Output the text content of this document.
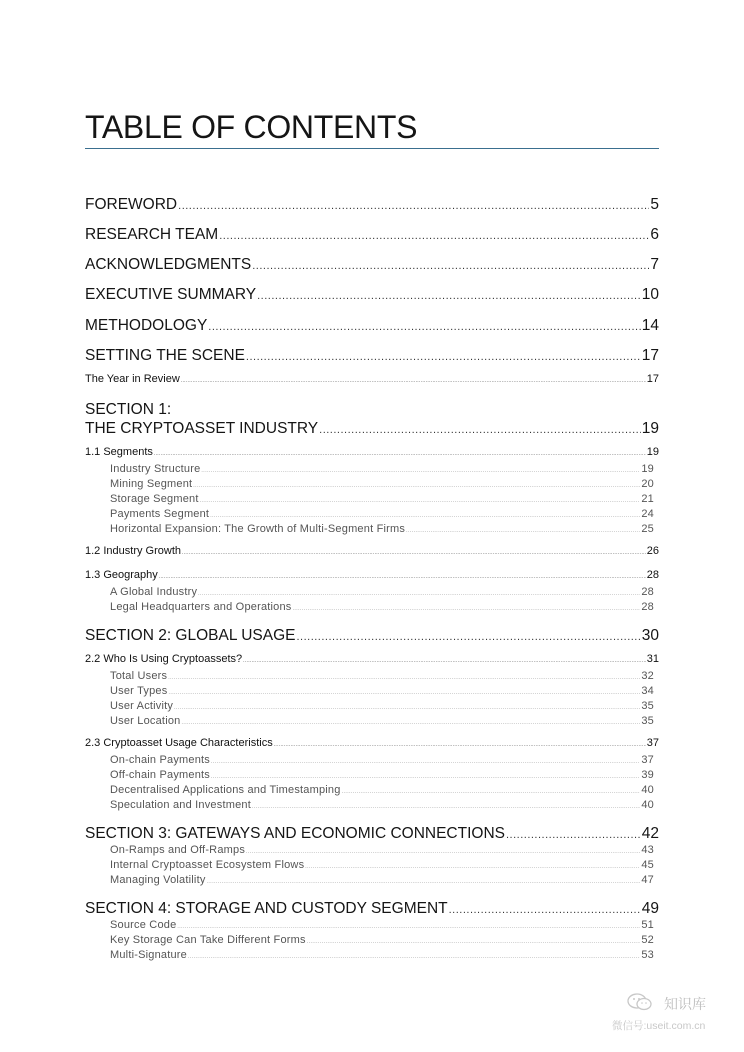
TABLE OF CONTENTS
FOREWORD .....	5
RESEARCH TEAM .....	6
ACKNOWLEDGMENTS .....	7
EXECUTIVE SUMMARY .....	10
METHODOLOGY .....	14
SETTING THE SCENE .....	17
The Year in Review .....	17
SECTION 1:
THE CRYPTOASSET INDUSTRY .....	19
1.1 Segments .....	19
Industry Structure .....	19
Mining Segment .....	20
Storage Segment .....	21
Payments Segment .....	24
Horizontal Expansion: The Growth of Multi-Segment Firms .....	25
1.2 Industry Growth .....	26
1.3 Geography .....	28
A Global Industry .....	28
Legal Headquarters and Operations .....	28
SECTION 2: GLOBAL USAGE .....	30
2.2 Who Is Using Cryptoassets? .....	31
Total Users .....	32
User Types .....	34
User Activity .....	35
User Location .....	35
2.3 Cryptoasset Usage Characteristics .....	37
On-chain Payments .....	37
Off-chain Payments .....	39
Decentralised Applications and Timestamping .....	40
Speculation and Investment .....	40
SECTION 3: GATEWAYS AND ECONOMIC CONNECTIONS .....	42
On-Ramps and Off-Ramps .....	43
Internal Cryptoasset Ecosystem Flows .....	45
Managing Volatility .....	47
SECTION 4: STORAGE AND CUSTODY SEGMENT .....	49
Source Code .....	51
Key Storage Can Take Different Forms .....	52
Multi-Signature .....	53
知识库
微信号:useit.com.cn
